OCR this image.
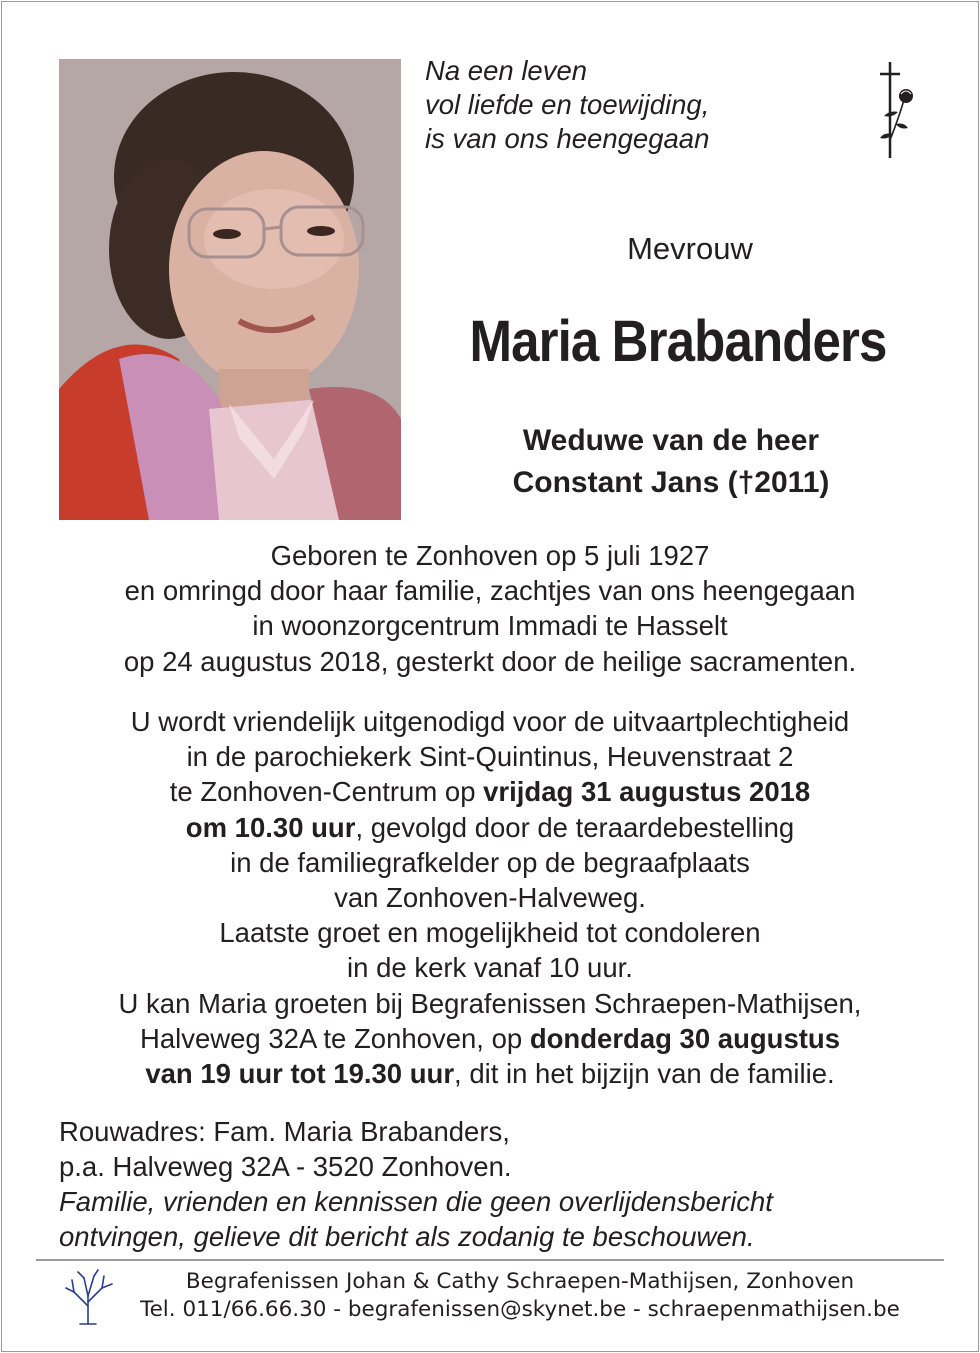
Na een leven
vol liefde en toewijding,
is van ons heengegaan
Mevrouw
Maria Brabanders
Weduwe van de heer
Constant Jans (†2011)
Geboren te Zonhoven op 5 juli 1927
en omringd door haar familie, zachtjes van ons heengegaan
in woonzorgcentrum Immadi te Hasselt
op 24 augustus 2018, gesterkt door de heilige sacramenten.
U wordt vriendelijk uitgenodigd voor de uitvaartplechtigheid
in de parochiekerk Sint-Quintinus, Heuvenstraat 2
te Zonhoven-Centrum op vrijdag 31 augustus 2018
om 10.30 uur, gevolgd door de teraardebestelling
in de familiegrafkelder op de begraafplaats
van Zonhoven-Halveweg.
Laatste groet en mogelijkheid tot condoleren
in de kerk vanaf 10 uur.
U kan Maria groeten bij Begrafenissen Schraepen-Mathijsen,
Halveweg 32A te Zonhoven, op donderdag 30 augustus
van 19 uur tot 19.30 uur, dit in het bijzijn van de familie.
Rouwadres: Fam. Maria Brabanders,
p.a. Halveweg 32A - 3520 Zonhoven.
Familie, vrienden en kennissen die geen overlijdensbericht
ontvingen, gelieve dit bericht als zodanig te beschouwen.
Begrafenissen Johan & Cathy Schraepen-Mathijsen, Zonhoven
Tel. 011/66.66.30 - begrafenissen@skynet.be - schraepenmathijsen.be
